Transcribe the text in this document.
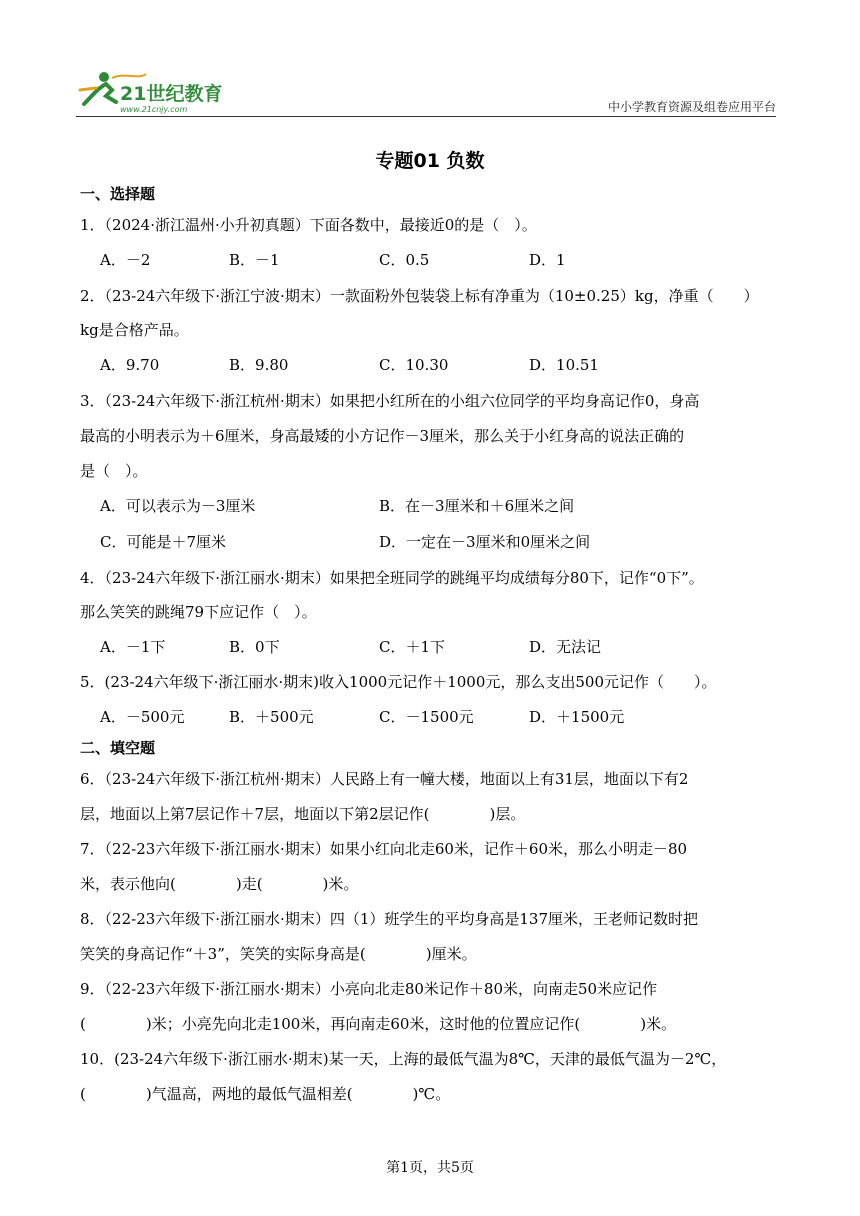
21世纪教育
www.21cnjy.com	中小学教育资源及组卷应用平台
专题01 负数
一、选择题
1．（2024·浙江温州·小升初真题）下面各数中，最接近0的是（　）。
A．－2	B．－1	C．0.5	D．1
2．（23-24六年级下·浙江宁波·期末）一款面粉外包装袋上标有净重为（10±0.25）kg，净重（　　）
kg是合格产品。
A．9.70	B．9.80	C．10.30	D．10.51
3．（23-24六年级下·浙江杭州·期末）如果把小红所在的小组六位同学的平均身高记作0，身高
最高的小明表示为＋6厘米，身高最矮的小方记作－3厘米，那么关于小红身高的说法正确的
是（　）。
A．可以表示为－3厘米	B．在－3厘米和＋6厘米之间
C．可能是＋7厘米	D．一定在－3厘米和0厘米之间
4．（23-24六年级下·浙江丽水·期末）如果把全班同学的跳绳平均成绩每分80下，记作“0下”。
那么笑笑的跳绳79下应记作（　）。
A．－1下	B．0下	C．＋1下	D．无法记
5．(23-24六年级下·浙江丽水·期末)收入1000元记作＋1000元，那么支出500元记作（　　）。
A．－500元	B．＋500元	C．－1500元	D．＋1500元
二、填空题
6．（23-24六年级下·浙江杭州·期末）人民路上有一幢大楼，地面以上有31层，地面以下有2
层，地面以上第7层记作＋7层，地面以下第2层记作(　　　　)层。
7．（22-23六年级下·浙江丽水·期末）如果小红向北走60米，记作＋60米，那么小明走－80
米，表示他向(　　　　)走(　　　　)米。
8．（22-23六年级下·浙江丽水·期末）四（1）班学生的平均身高是137厘米，王老师记数时把
笑笑的身高记作“＋3”，笑笑的实际身高是(　　　　)厘米。
9．（22-23六年级下·浙江丽水·期末）小亮向北走80米记作＋80米，向南走50米应记作
(　　　　)米；小亮先向北走100米，再向南走60米，这时他的位置应记作(　　　　)米。
10．(23-24六年级下·浙江丽水·期末)某一天，上海的最低气温为8℃，天津的最低气温为－2℃，
(　　　　)气温高，两地的最低气温相差(　　　　)℃。
第1页，共5页
